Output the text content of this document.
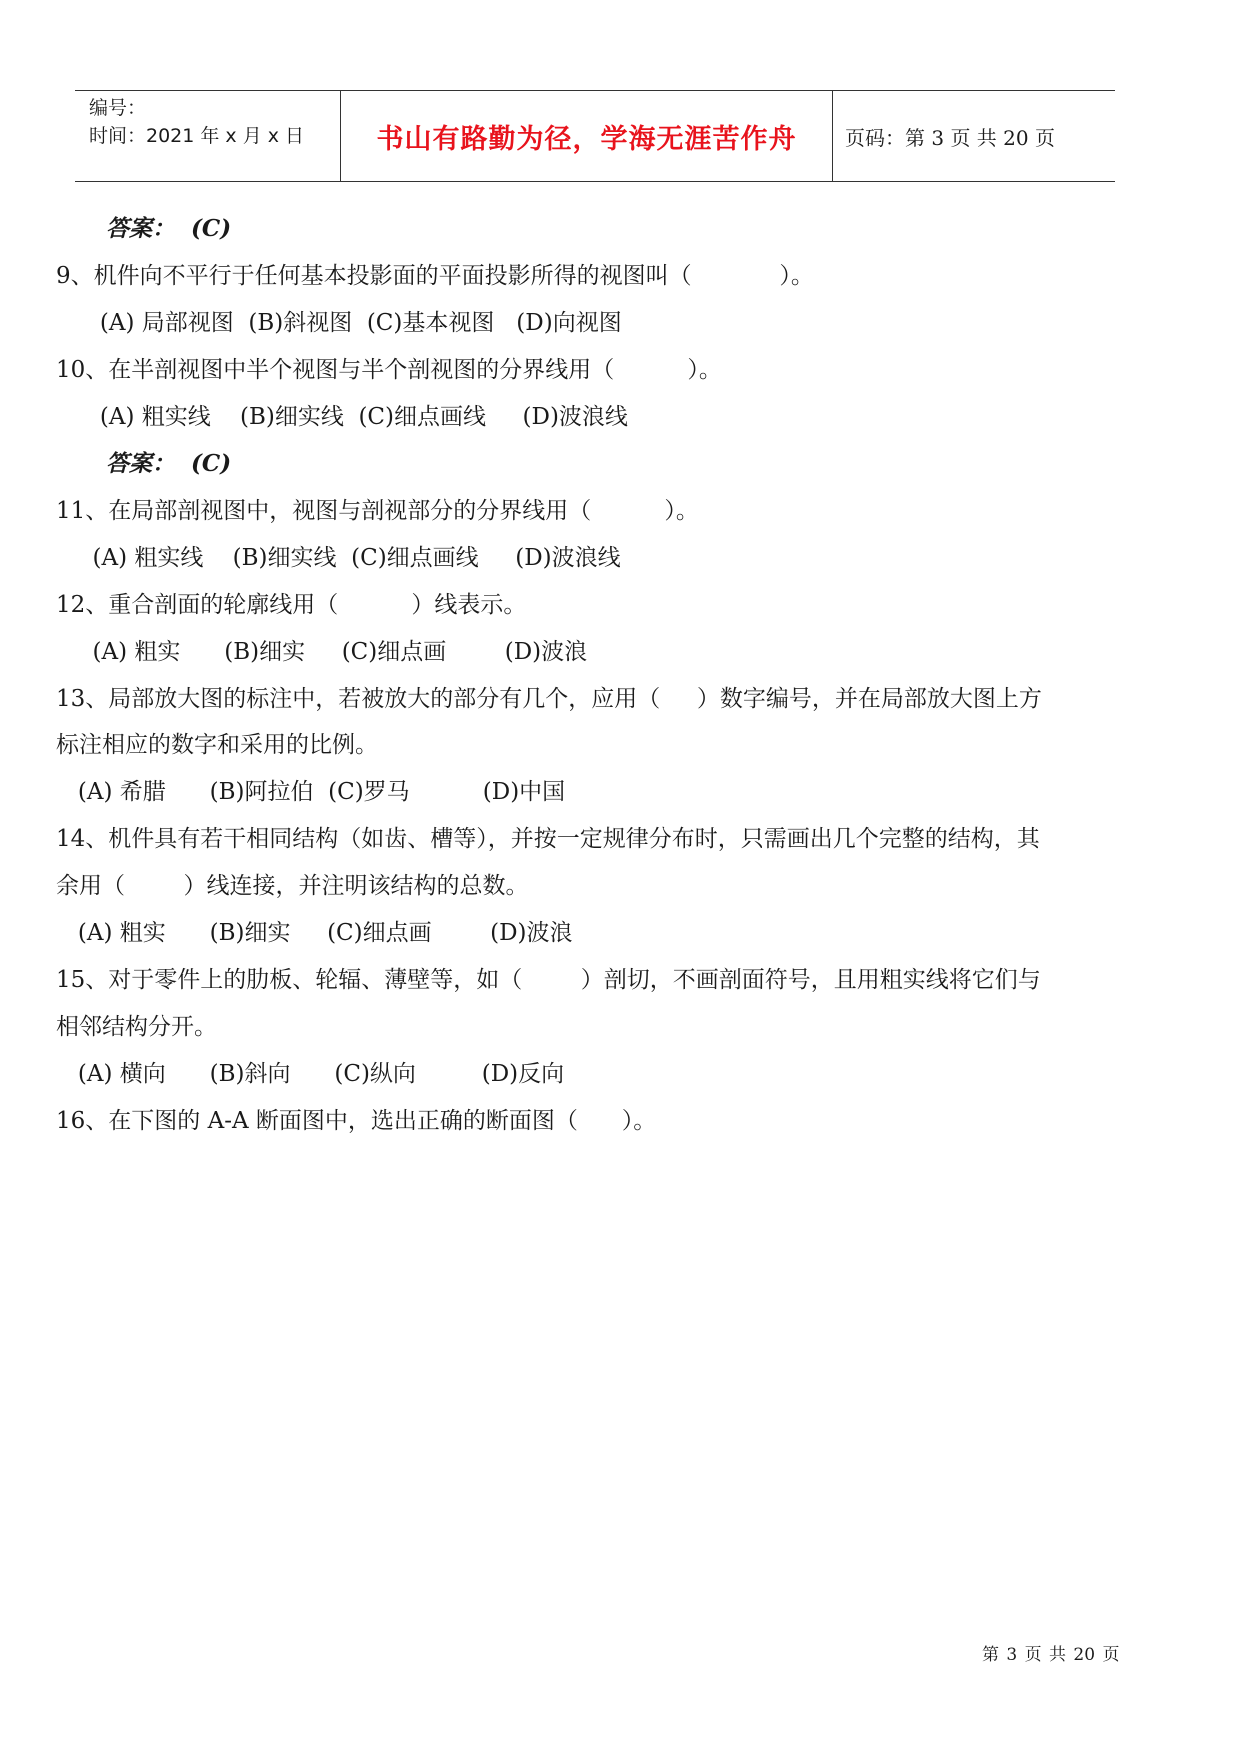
编号：
时间：2021 年 x 月 x 日	书山有路勤为径，学海无涯苦作舟	页码：第 3 页 共 20 页
答案：  (C)
9、机件向不平行于任何基本投影面的平面投影所得的视图叫（            ）。
(A) 局部视图  (B)斜视图  (C)基本视图   (D)向视图
10、在半剖视图中半个视图与半个剖视图的分界线用（          ）。
(A) 粗实线    (B)细实线  (C)细点画线     (D)波浪线
答案：  (C)
11、在局部剖视图中，视图与剖视部分的分界线用（          ）。
(A) 粗实线    (B)细实线  (C)细点画线     (D)波浪线
12、重合剖面的轮廓线用（          ）线表示。
(A) 粗实      (B)细实     (C)细点画        (D)波浪
13、局部放大图的标注中，若被放大的部分有几个，应用（     ）数字编号，并在局部放大图上方
标注相应的数字和采用的比例。
(A) 希腊      (B)阿拉伯  (C)罗马          (D)中国
14、机件具有若干相同结构（如齿、槽等），并按一定规律分布时，只需画出几个完整的结构，其
余用（        ）线连接，并注明该结构的总数。
(A) 粗实      (B)细实     (C)细点画        (D)波浪
15、对于零件上的肋板、轮辐、薄壁等，如（        ）剖切，不画剖面符号，且用粗实线将它们与
相邻结构分开。
(A) 横向      (B)斜向      (C)纵向         (D)反向
16、在下图的 A-A 断面图中，选出正确的断面图（      ）。
第 3 页 共 20 页
